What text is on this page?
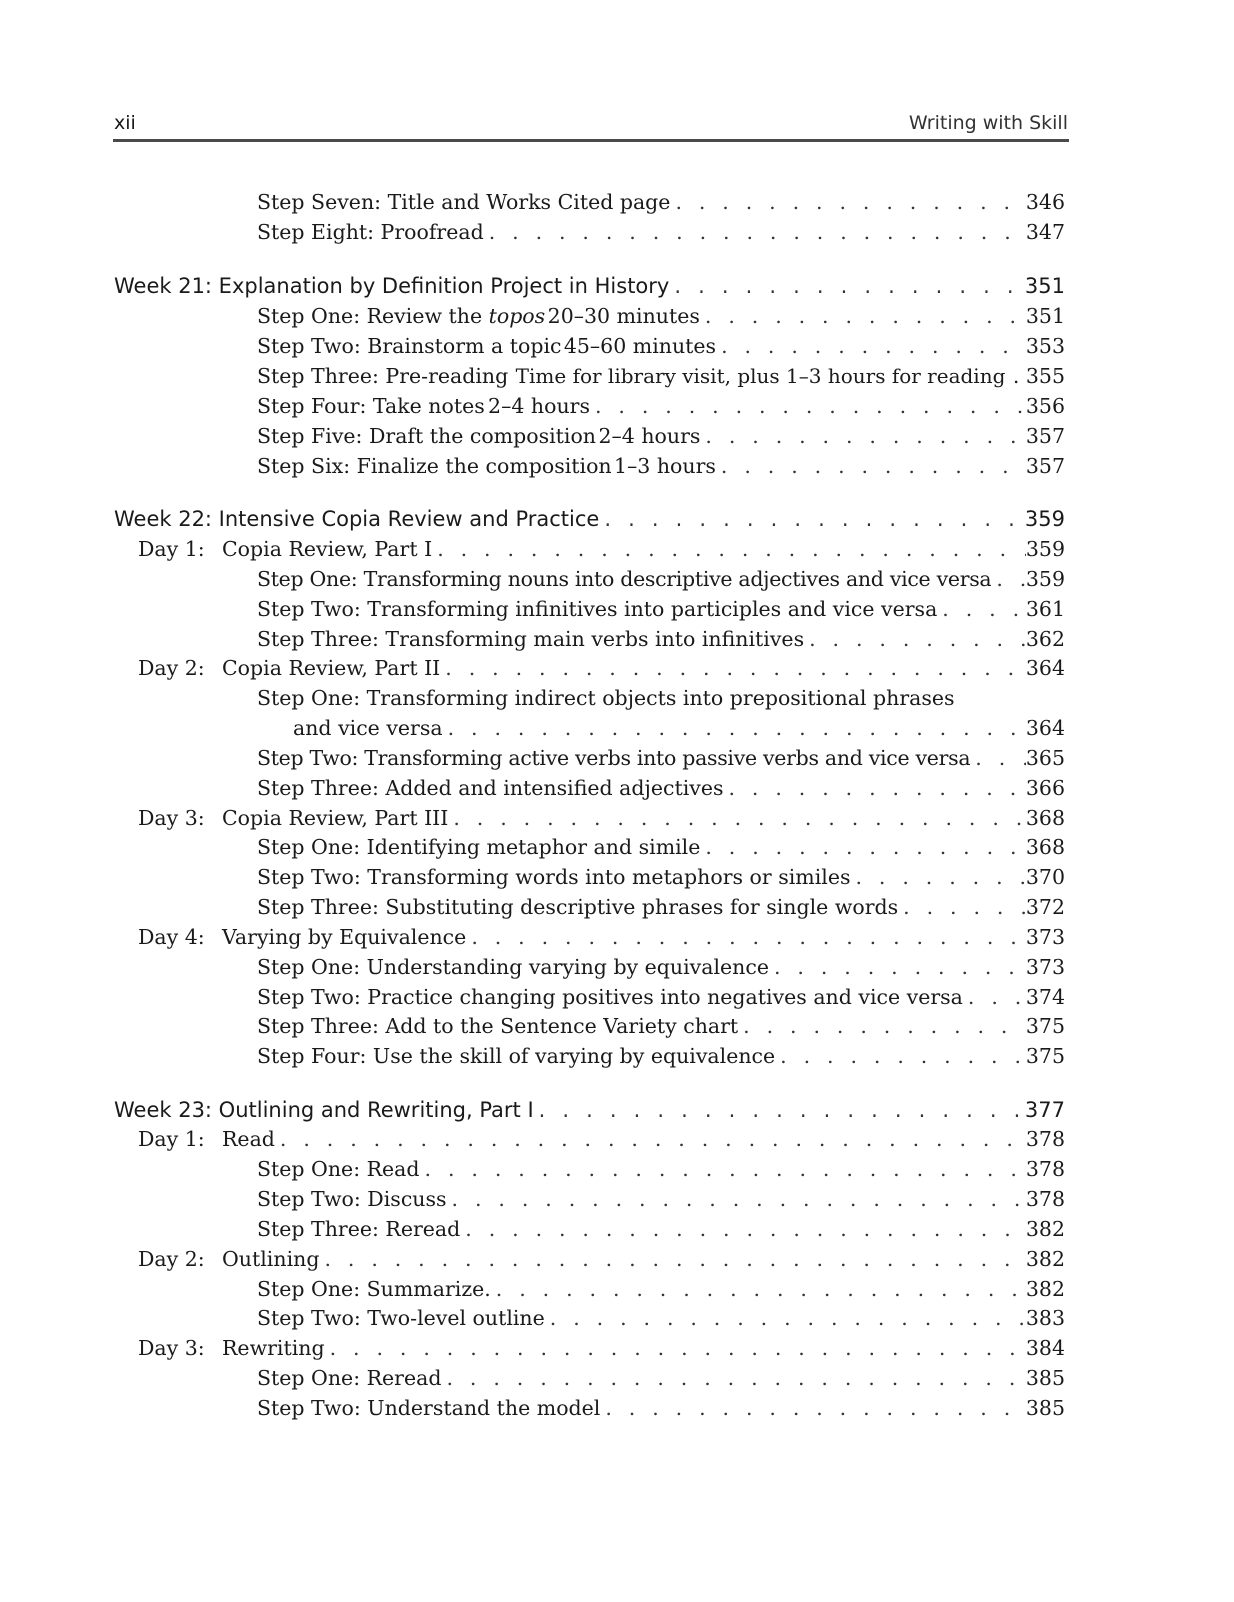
xii	Writing with Skill
Step Seven: Title and Works Cited page . . .	346
Step Eight: Proofread . . .	347
Week 21: Explanation by Definition Project in History . . .	351
Step One: Review the topos 20–30 minutes . . .	351
Step Two: Brainstorm a topic 45–60 minutes . . .	353
Step Three: Pre-reading Time for library visit, plus 1–3 hours for reading . 355
Step Four: Take notes 2–4 hours . . .	356
Step Five: Draft the composition 2–4 hours . . .	357
Step Six: Finalize the composition 1–3 hours . . .	357
Week 22: Intensive Copia Review and Practice . . .	359
Day 1: Copia Review, Part I . . .	359
Step One: Transforming nouns into descriptive adjectives and vice versa . . . 359
Step Two: Transforming infinitives into participles and vice versa . . .	361
Step Three: Transforming main verbs into infinitives . . .	362
Day 2: Copia Review, Part II . . .	364
Step One: Transforming indirect objects into prepositional phrases
and vice versa . . .	364
Step Two: Transforming active verbs into passive verbs and vice versa . . .	365
Step Three: Added and intensified adjectives . . .	366
Day 3: Copia Review, Part III . . .	368
Step One: Identifying metaphor and simile . . .	368
Step Two: Transforming words into metaphors or similes . . .	370
Step Three: Substituting descriptive phrases for single words . . .	372
Day 4: Varying by Equivalence . . .	373
Step One: Understanding varying by equivalence . . .	373
Step Two: Practice changing positives into negatives and vice versa . . .	374
Step Three: Add to the Sentence Variety chart . . .	375
Step Four: Use the skill of varying by equivalence . . .	375
Week 23: Outlining and Rewriting, Part I . . .	377
Day 1: Read . . .	378
Step One: Read . . .	378
Step Two: Discuss . . .	378
Step Three: Reread . . .	382
Day 2: Outlining . . .	382
Step One: Summarize. . . .	382
Step Two: Two-level outline . . .	383
Day 3: Rewriting . . .	384
Step One: Reread . . .	385
Step Two: Understand the model . . .	385
